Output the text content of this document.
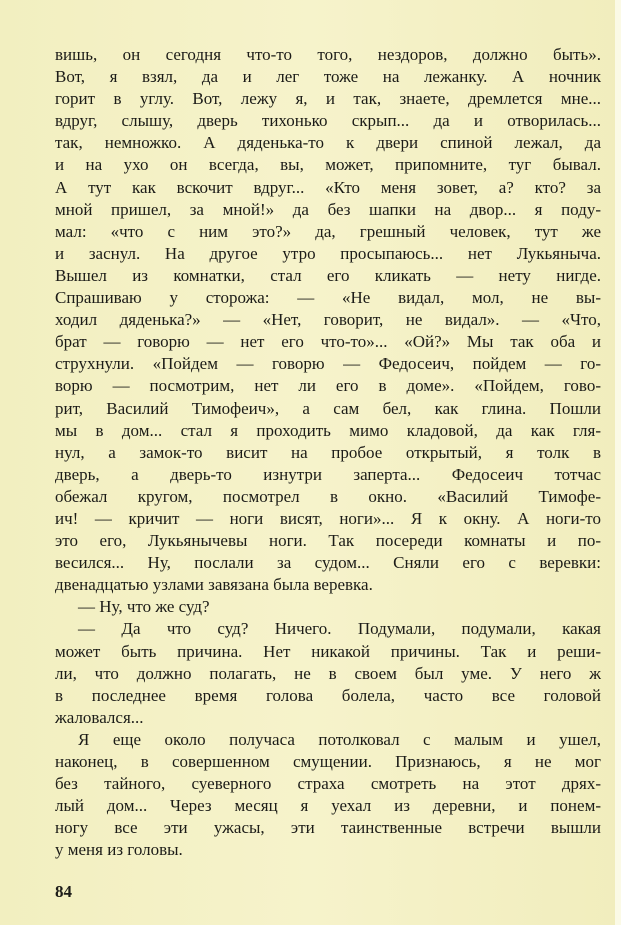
вишь, он сегодня что-то того, нездоров, должно быть».
Вот, я взял, да и лег тоже на лежанку. А ночник
горит в углу. Вот, лежу я, и так, знаете, дремлется мне...
вдруг, слышу, дверь тихонько скрып... да и отворилась...
так, немножко. А дяденька-то к двери спиной лежал, да
и на ухо он всегда, вы, может, припомните, туг бывал.
А тут как вскочит вдруг... «Кто меня зовет, а? кто? за
мной пришел, за мной!» да без шапки на двор... я поду-
мал: «что с ним это?» да, грешный человек, тут же
и заснул. На другое утро просыпаюсь... нет Лукьяныча.
Вышел из комнатки, стал его кликать — нету нигде.
Спрашиваю у сторожа: — «Не видал, мол, не вы-
ходил дяденька?» — «Нет, говорит, не видал». — «Что,
брат — говорю — нет его что-то»... «Ой?» Мы так оба и
струхнули. «Пойдем — говорю — Федосеич, пойдем — го-
ворю — посмотрим, нет ли его в доме». «Пойдем, гово-
рит, Василий Тимофеич», а сам бел, как глина. Пошли
мы в дом... стал я проходить мимо кладовой, да как гля-
нул, а замок-то висит на пробое открытый, я толк в
дверь, а дверь-то изнутри заперта... Федосеич тотчас
обежал кругом, посмотрел в окно. «Василий Тимофе-
ич! — кричит — ноги висят, ноги»... Я к окну. А ноги-то
это его, Лукьянычевы ноги. Так посереди комнаты и по-
весился... Ну, послали за судом... Сняли его с веревки:
двенадцатью узлами завязана была веревка.
— Ну, что же суд?
— Да что суд? Ничего. Подумали, подумали, какая
может быть причина. Нет никакой причины. Так и реши-
ли, что должно полагать, не в своем был уме. У него ж
в последнее время голова болела, часто все головой
жаловался...
Я еще около получаса потолковал с малым и ушел,
наконец, в совершенном смущении. Признаюсь, я не мог
без тайного, суеверного страха смотреть на этот дрях-
лый дом... Через месяц я уехал из деревни, и понем-
ногу все эти ужасы, эти таинственные встречи вышли
у меня из головы.
84
